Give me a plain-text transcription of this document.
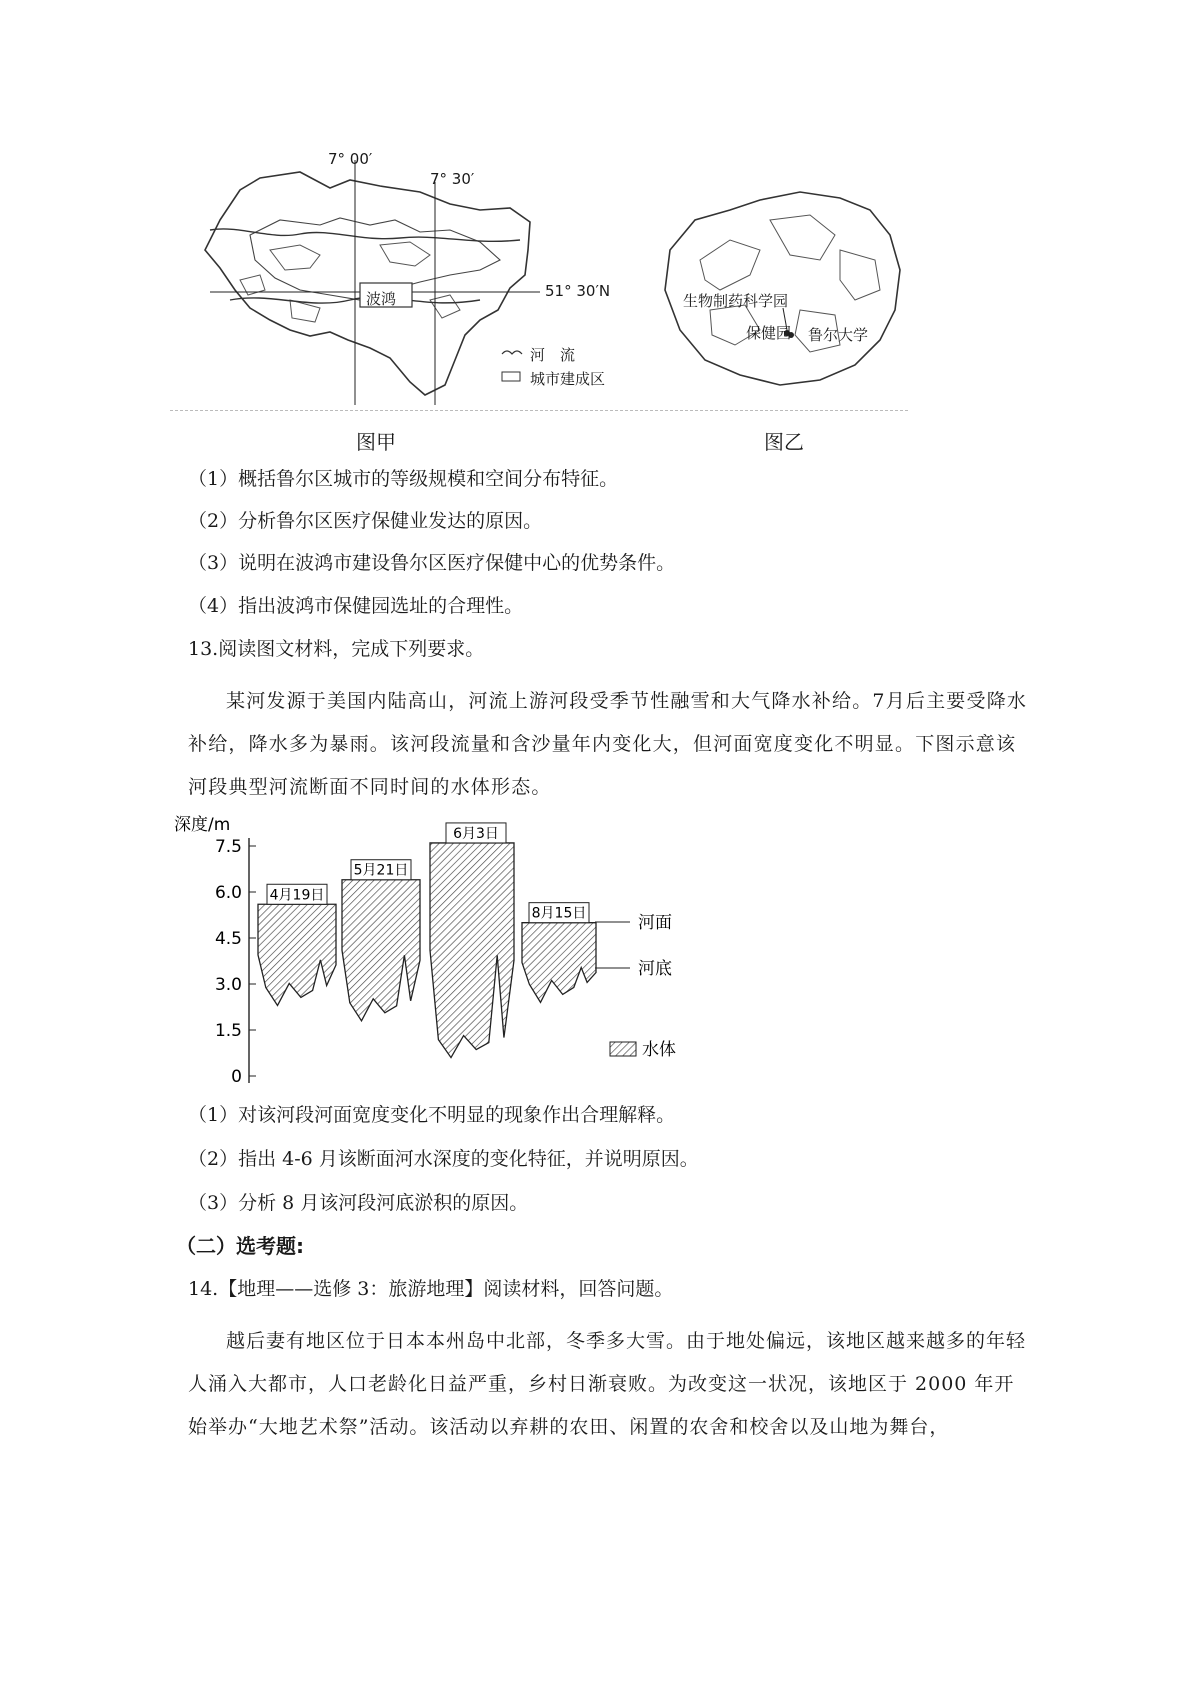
7° 00′
7° 30′
51° 30′N
波鸿
河　流
城市建成区
生物制药科学园
保健园 鲁尔大学
图甲	图乙
（1）概括鲁尔区城市的等级规模和空间分布特征。
（2）分析鲁尔区医疗保健业发达的原因。
（3）说明在波鸿市建设鲁尔区医疗保健中心的优势条件。
（4）指出波鸿市保健园选址的合理性。
13.阅读图文材料，完成下列要求。
某河发源于美国内陆高山，河流上游河段受季节性融雪和大气降水补给。7月后主要受降水补给，降水多为暴雨。该河段流量和含沙量年内变化大，但河面宽度变化不明显。下图示意该河段典型河流断面不同时间的水体形态。
深度/m
7.5
6.0
4.5
3.0
1.5
0
4月19日
5月21日
6月3日
8月15日	河面
河底
水体
（1）对该河段河面宽度变化不明显的现象作出合理解释。
（2）指出 4-6 月该断面河水深度的变化特征，并说明原因。
（3）分析 8 月该河段河底淤积的原因。
（二）选考题:
14.【地理——选修 3：旅游地理】阅读材料，回答问题。
越后妻有地区位于日本本州岛中北部，冬季多大雪。由于地处偏远，该地区越来越多的年轻人涌入大都市，人口老龄化日益严重，乡村日渐衰败。为改变这一状况，该地区于 2000 年开始举办“大地艺术祭”活动。该活动以弃耕的农田、闲置的农舍和校舍以及山地为舞台，
